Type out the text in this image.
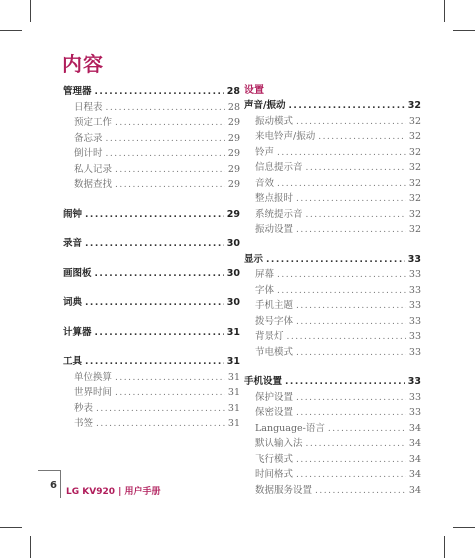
内容
管理器 .....	28
日程表 .....	28
预定工作 .....	29
备忘录 .....	29
倒计时 .....	29
私人记录 .....	29
数据查找 .....	29
闹钟 .....	29
录音 .....	30
画图板 .....	30
词典 .....	30
计算器 .....	31
工具 .....	31
单位换算 .....	31
世界时间 .....	31
秒表 .....	31
书签 .....	31
设置
声音/振动 .....	32
振动模式 .....	32
来电铃声/振动 .....	32
铃声 .....	32
信息提示音 .....	32
音效 .....	32
整点报时 .....	32
系统提示音 .....	32
振动设置 .....	32
显示 .....	33
屏幕 .....	33
字体 .....	33
手机主题 .....	33
拨号字体 .....	33
背景灯 .....	33
节电模式 .....	33
手机设置 .....	33
保护设置 .....	33
保密设置 .....	33
Language-语言 .....	34
默认输入法 .....	34
飞行模式 .....	34
时间格式 .....	34
数据服务设置 .....	34
6
LG KV920 | 用户手册
